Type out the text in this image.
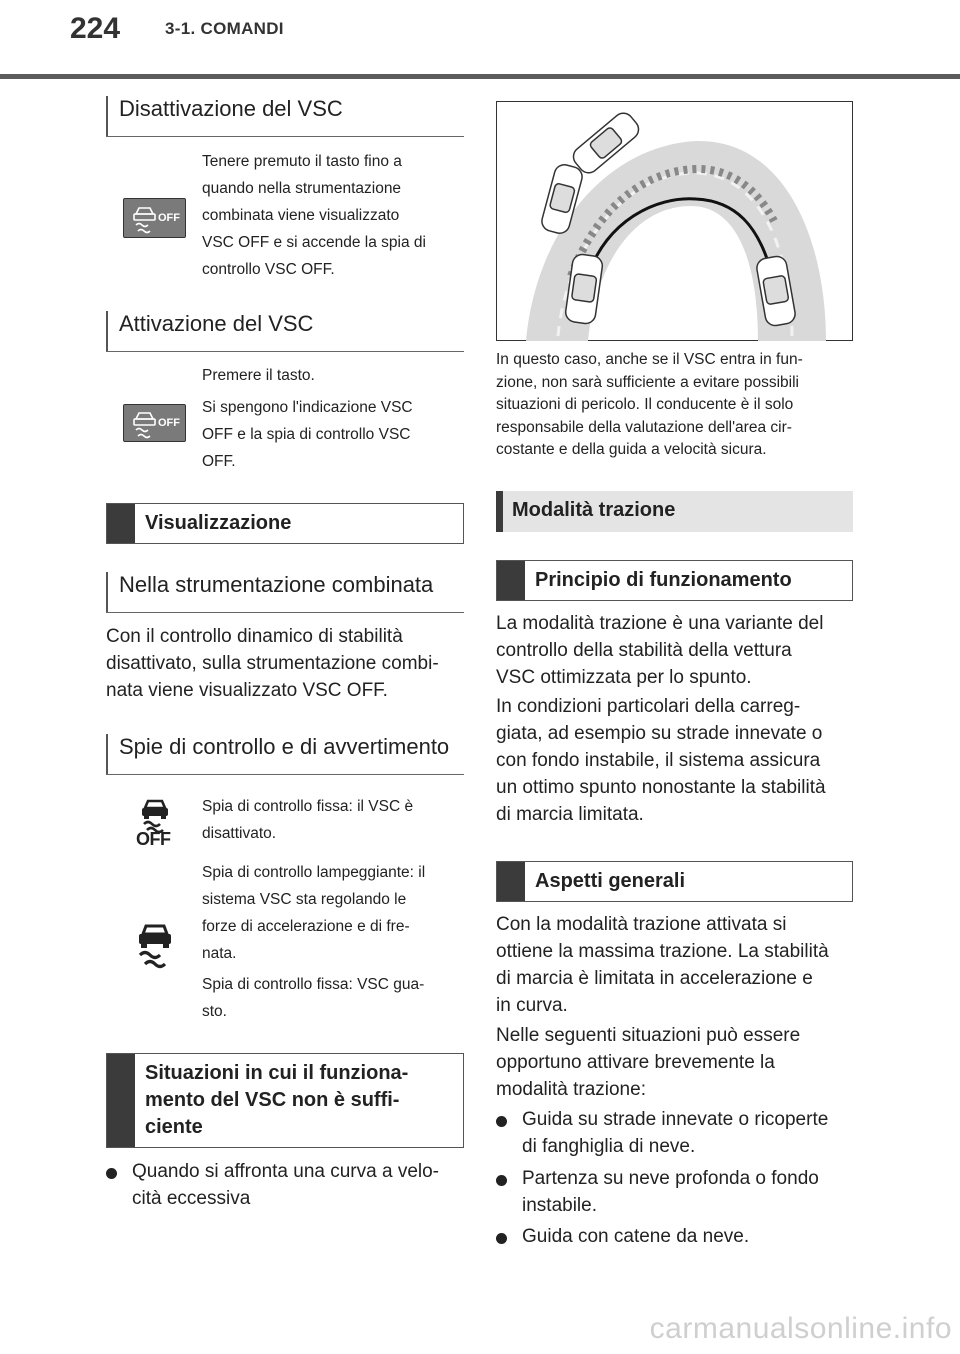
224	3-1. COMANDI
Disattivazione del VSC
OFF
Tenere premuto il tasto fino a
quando nella strumentazione
combinata viene visualizzato
VSC OFF e si accende la spia di
controllo VSC OFF.
Attivazione del VSC
OFF
Premere il tasto.
Si spengono l'indicazione VSC
OFF e la spia di controllo VSC
OFF.
Visualizzazione
Nella strumentazione combinata
Con il controllo dinamico di stabilità
disattivato, sulla strumentazione combi-
nata viene visualizzato VSC OFF.
Spie di controllo e di avvertimento
OFF
Spia di controllo fissa: il VSC è
disattivato.
Spia di controllo lampeggiante: il
sistema VSC sta regolando le
forze di accelerazione e di fre-
nata.
Spia di controllo fissa: VSC gua-
sto.
Situazioni in cui il funziona-
mento del VSC non è suffi-
ciente
Quando si affronta una curva a velo-
cità eccessiva
In questo caso, anche se il VSC entra in fun-
zione, non sarà sufficiente a evitare possibili
situazioni di pericolo. Il conducente è il solo
responsabile della valutazione dell'area cir-
costante e della guida a velocità sicura.
Modalità trazione
Principio di funzionamento
La modalità trazione è una variante del
controllo della stabilità della vettura
VSC ottimizzata per lo spunto.
In condizioni particolari della carreg-
giata, ad esempio su strade innevate o
con fondo instabile, il sistema assicura
un ottimo spunto nonostante la stabilità
di marcia limitata.
Aspetti generali
Con la modalità trazione attivata si
ottiene la massima trazione. La stabilità
di marcia è limitata in accelerazione e
in curva.
Nelle seguenti situazioni può essere
opportuno attivare brevemente la
modalità trazione:
Guida su strade innevate o ricoperte
di fanghiglia di neve.
Partenza su neve profonda o fondo
instabile.
Guida con catene da neve.
carmanualsonline.info
